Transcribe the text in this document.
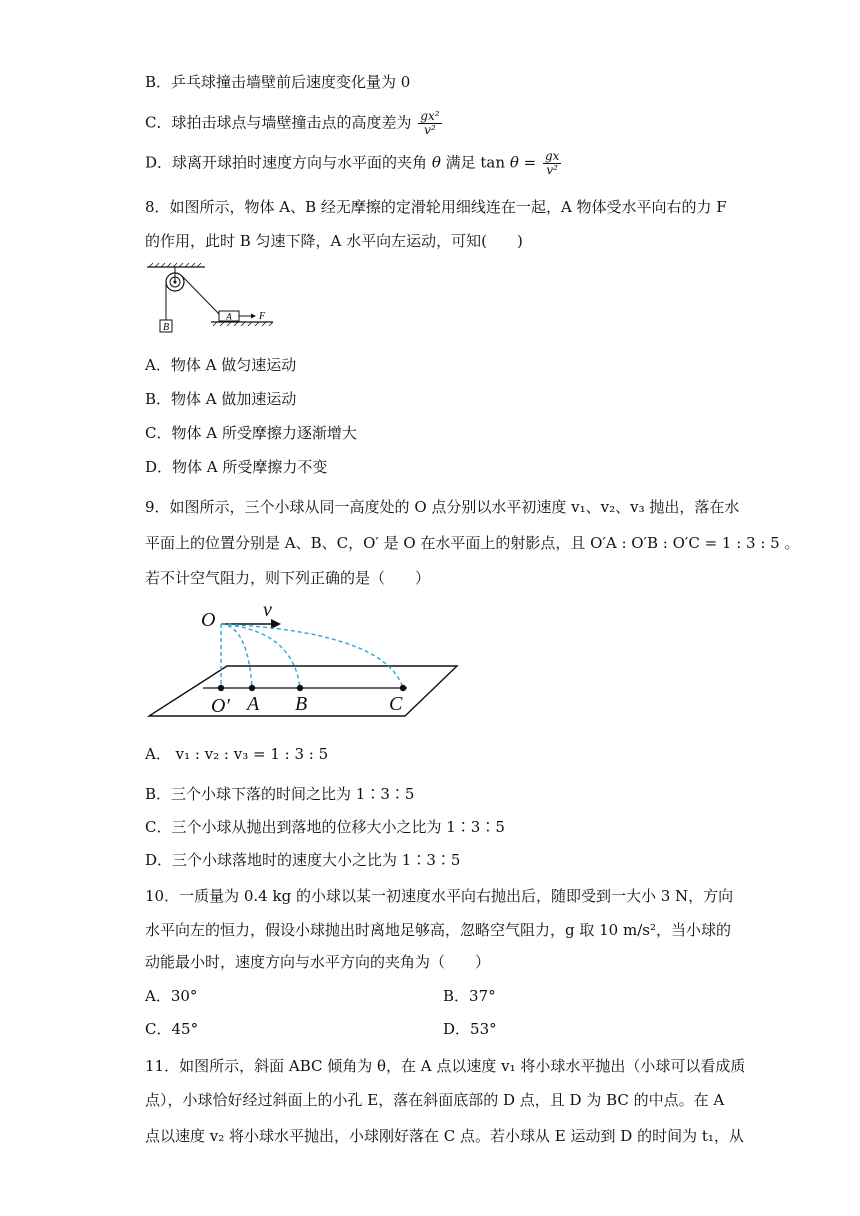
B．乒乓球撞击墙壁前后速度变化量为 0
C．球拍击球点与墙壁撞击点的高度差为 $\frac{\text{gx²}}{\text{v²}}$
D．球离开球拍时速度方向与水平面的夹角 θ 满足 $\tan \theta = \frac{gx}{\text{v²}}$
8．如图所示，物体 A、B 经无摩擦的定滑轮用细线连在一起，A 物体受水平向右的力 F
的作用，此时 B 匀速下降，A 水平向左运动，可知(　　)
B
A	F
A．物体 A 做匀速运动
B．物体 A 做加速运动
C．物体 A 所受摩擦力逐渐增大
D．物体 A 所受摩擦力不变
9．如图所示，三个小球从同一高度处的 O 点分别以水平初速度 v₁、v₂、v₃ 抛出，落在水
平面上的位置分别是 A、B、C，O′ 是 O 在水平面上的射影点，且 O′A : O′B : O′C = 1 : 3 : 5 。
若不计空气阻力，则下列正确的是（　　）
O v
O′ A B	C
A． v₁ : v₂ : v₃ = 1 : 3 : 5
B．三个小球下落的时间之比为 1∶3∶5
C．三个小球从抛出到落地的位移大小之比为 1∶3∶5
D．三个小球落地时的速度大小之比为 1∶3∶5
10．一质量为 0.4 kg 的小球以某一初速度水平向右抛出后，随即受到一大小 3 N，方向
水平向左的恒力，假设小球抛出时离地足够高，忽略空气阻力，g 取 10 m/s²，当小球的
动能最小时，速度方向与水平方向的夹角为（　　）
A．30°	B．37°
C．45°	D．53°
11．如图所示，斜面 ABC 倾角为 θ，在 A 点以速度 v₁ 将小球水平抛出（小球可以看成质
点），小球恰好经过斜面上的小孔 E，落在斜面底部的 D 点，且 D 为 BC 的中点。在 A
点以速度 v₂ 将小球水平抛出，小球刚好落在 C 点。若小球从 E 运动到 D 的时间为 t₁，从
